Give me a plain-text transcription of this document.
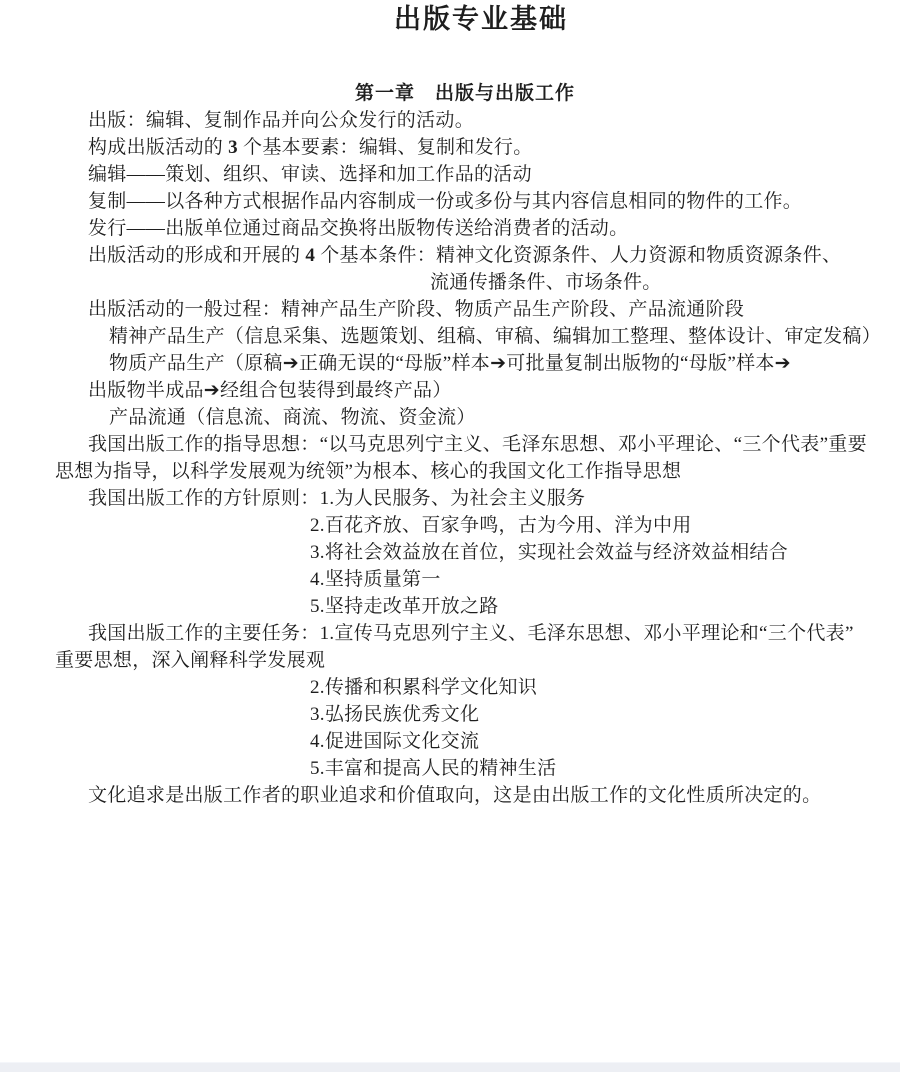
出版专业基础
第一章　出版与出版工作

出版：编辑、复制作品并向公众发行的活动。

构成出版活动的 3 个基本要素：编辑、复制和发行。

编辑——策划、组织、审读、选择和加工作品的活动

复制——以各种方式根据作品内容制成一份或多份与其内容信息相同的物件的工作。

发行——出版单位通过商品交换将出版物传送给消费者的活动。

出版活动的形成和开展的 4 个基本条件：精神文化资源条件、人力资源和物质资源条件、

流通传播条件、市场条件。

出版活动的一般过程：精神产品生产阶段、物质产品生产阶段、产品流通阶段

精神产品生产（信息采集、选题策划、组稿、审稿、编辑加工整理、整体设计、审定发稿）

物质产品生产（原稿➔正确无误的“母版”样本➔可批量复制出版物的“母版”样本➔

出版物半成品➔经组合包装得到最终产品）

产品流通（信息流、商流、物流、资金流）

我国出版工作的指导思想：“以马克思列宁主义、毛泽东思想、邓小平理论、“三个代表”重要

思想为指导，以科学发展观为统领”为根本、核心的我国文化工作指导思想

我国出版工作的方针原则：1.为人民服务、为社会主义服务

2.百花齐放、百家争鸣，古为今用、洋为中用

3.将社会效益放在首位，实现社会效益与经济效益相结合

4.坚持质量第一

5.坚持走改革开放之路

我国出版工作的主要任务：1.宣传马克思列宁主义、毛泽东思想、邓小平理论和“三个代表”

重要思想，深入阐释科学发展观

2.传播和积累科学文化知识

3.弘扬民族优秀文化

4.促进国际文化交流

5.丰富和提高人民的精神生活

文化追求是出版工作者的职业追求和价值取向，这是由出版工作的文化性质所决定的。
